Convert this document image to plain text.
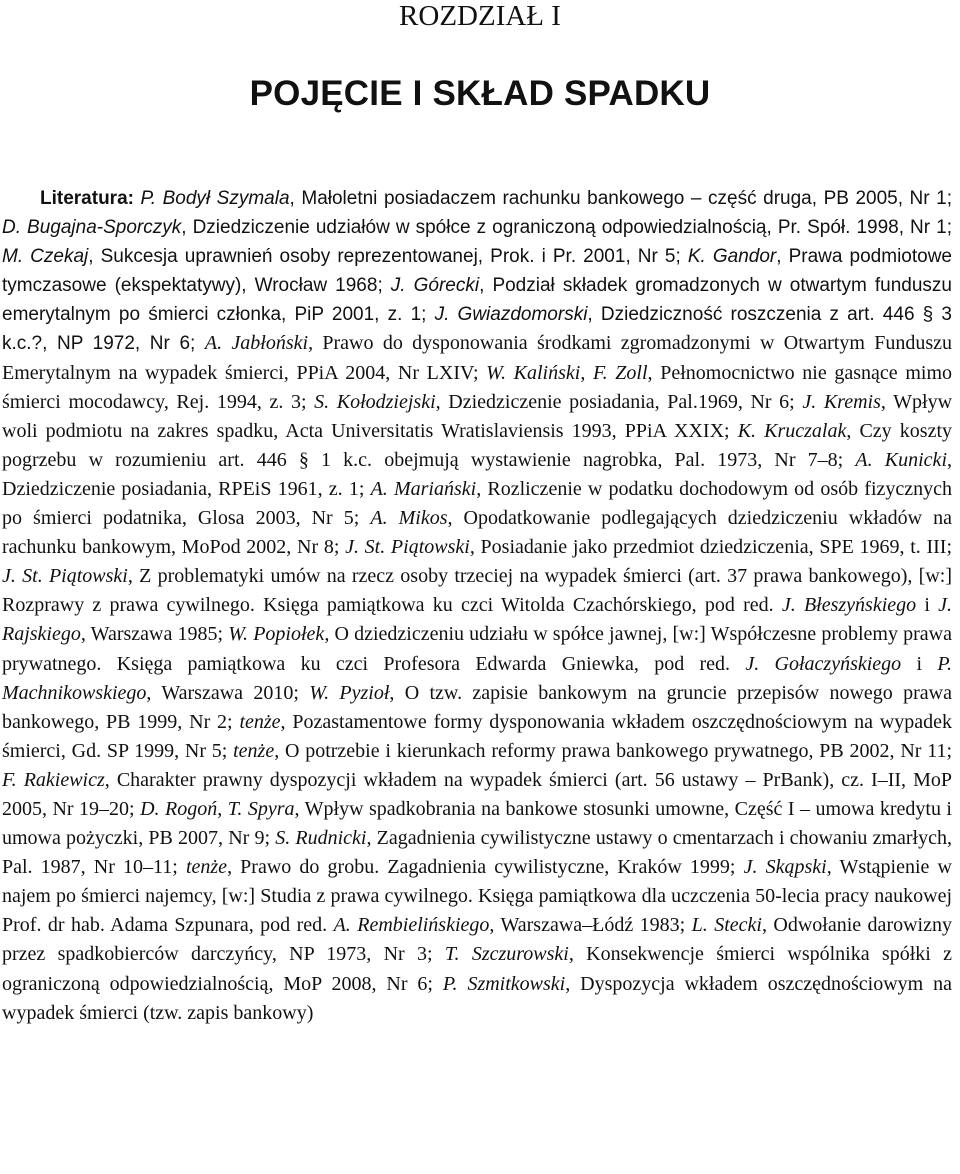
ROZDZIAŁ I
POJĘCIE I SKŁAD SPADKU

Literatura: P. Bodył Szymala, Małoletni posiadaczem rachunku bankowego – część druga, PB 2005, Nr 1; D. Bugajna-Sporczyk, Dziedziczenie udziałów w spółce z ograniczoną odpowiedzialnością, Pr. Spół. 1998, Nr 1; M. Czekaj, Sukcesja uprawnień osoby reprezentowanej, Prok. i Pr. 2001, Nr 5; K. Gandor, Prawa podmiotowe tymczasowe (ekspektatywy), Wrocław 1968; J. Górecki, Podział składek gromadzonych w otwartym funduszu emerytalnym po śmierci członka, PiP 2001, z. 1; J. Gwiazdomorski, Dziedziczność roszczenia z art. 446 § 3 k.c.?, NP 1972, Nr 6; A. Jabłoński, Prawo do dysponowania środkami zgromadzonymi w Otwartym Funduszu Emerytalnym na wypadek śmierci, PPiA 2004, Nr LXIV; W. Kaliński, F. Zoll, Pełnomocnictwo nie gasnące mimo śmierci mocodawcy, Rej. 1994, z. 3; S. Kołodziejski, Dziedziczenie posiadania, Pal.1969, Nr 6; J. Kremis, Wpływ woli podmiotu na zakres spadku, Acta Universitatis Wratislaviensis 1993, PPiA XXIX; K. Kruczalak, Czy koszty pogrzebu w rozumieniu art. 446 § 1 k.c. obejmują wystawienie nagrobka, Pal. 1973, Nr 7–8; A. Kunicki, Dziedziczenie posiadania, RPEiS 1961, z. 1; A. Mariański, Rozliczenie w podatku dochodowym od osób fizycznych po śmierci podatnika, Glosa 2003, Nr 5; A. Mikos, Opodatkowanie podlegających dziedziczeniu wkładów na rachunku bankowym, MoPod 2002, Nr 8; J. St. Piątowski, Posiadanie jako przedmiot dziedziczenia, SPE 1969, t. III; J. St. Piątowski, Z problematyki umów na rzecz osoby trzeciej na wypadek śmierci (art. 37 prawa bankowego), [w:] Rozprawy z prawa cywilnego. Księga pamiątkowa ku czci Witolda Czachórskiego, pod red. J. Błeszyńskiego i J. Rajskiego, Warszawa 1985; W. Popiołek, O dziedziczeniu udziału w spółce jawnej, [w:] Współczesne problemy prawa prywatnego. Księga pamiątkowa ku czci Profesora Edwarda Gniewka, pod red. J. Gołaczyńskiego i P. Machnikowskiego, Warszawa 2010; W. Pyzioł, O tzw. zapisie bankowym na gruncie przepisów nowego prawa bankowego, PB 1999, Nr 2; tenże, Pozastamentowe formy dysponowania wkładem oszczędnościowym na wypadek śmierci, Gd. SP 1999, Nr 5; tenże, O potrzebie i kierunkach reformy prawa bankowego prywatnego, PB 2002, Nr 11; F. Rakiewicz, Charakter prawny dyspozycji wkładem na wypadek śmierci (art. 56 ustawy – PrBank), cz. I–II, MoP 2005, Nr 19–20; D. Rogoń, T. Spyra, Wpływ spadkobrania na bankowe stosunki umowne, Część I – umowa kredytu i umowa pożyczki, PB 2007, Nr 9; S. Rudnicki, Zagadnienia cywilistyczne ustawy o cmentarzach i chowaniu zmarłych, Pal. 1987, Nr 10–11; tenże, Prawo do grobu. Zagadnienia cywilistyczne, Kraków 1999; J. Skąpski, Wstąpienie w najem po śmierci najemcy, [w:] Studia z prawa cywilnego. Księga pamiątkowa dla uczczenia 50-lecia pracy naukowej Prof. dr hab. Adama Szpunara, pod red. A. Rembielińskiego, Warszawa–Łódź 1983; L. Stecki, Odwołanie darowizny przez spadkobierców darczyńcy, NP 1973, Nr 3; T. Szczurowski, Konsekwencje śmierci wspólnika spółki z ograniczoną odpowiedzialnością, MoP 2008, Nr 6; P. Szmitkowski, Dyspozycja wkładem oszczędnościowym na wypadek śmierci (tzw. zapis bankowy)
